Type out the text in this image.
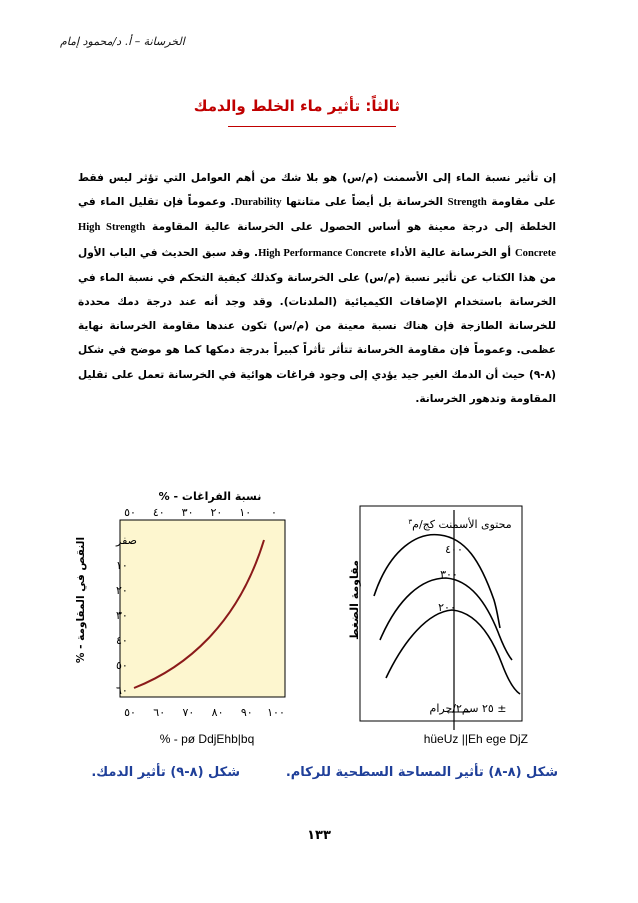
الخرسانة – أ. د/محمود إمام
ثالثاً: تأثير ماء الخلط والدمك

إن تأثير نسبة الماء إلى الأسمنت (م/س) هو بلا شك من أهم العوامل التي تؤثر ليس فقط على مقاومة Strength الخرسانة بل أيضاً على متانتها Durability. وعموماً فإن تقليل الماء في الخلطة إلى درجة معينة هو أساس الحصول على الخرسانة عالية المقاومة High Strength Concrete أو الخرسانة عالية الأداء High Performance Concrete. وقد سبق الحديث في الباب الأول من هذا الكتاب عن تأثير نسبة (م/س) على الخرسانة وكذلك كيفية التحكم في نسبة الماء في الخرسانة باستخدام الإضافات الكيميائية (الملدنات). وقد وجد أنه عند درجة دمك محددة للخرسانة الطازجة فإن هناك نسبة معينة من (م/س) تكون عندها مقاومة الخرسانة نهاية عظمى. وعموماً فإن مقاومة الخرسانة تتأثر تأثراً كبيراً بدرجة دمكها كما هو موضح في شكل (٨-٩) حيث أن الدمك الغير جيد يؤدي إلى وجود فراغات هوائية في الخرسانة تعمل على تقليل المقاومة وتدهور الخرسانة.

محتوى الأسمنت كج/م$^٣$
مقاومة الضغط
٤٠٠
٣٠٠
٢٠٠
± ٢٥ سم٢/جرام
hüeUz ||Eh ege DjZ
نسبة الفراغات - %
٥٠ ٤٠ ٣٠ ٢٠ ١٠ ٠
صفر
١٠
٢٠
٣٠
٤٠
٥٠
٦٠
٥٠ ٦٠ ٧٠ ٨٠ ٩٠ ١٠٠
النقص في المقاومة - %
% - pø DdjEhb|bq
شكل (٨-٨) تأثير المساحة السطحية للركام.
شكل (٨-٩) تأثير الدمك.
١٣٣
